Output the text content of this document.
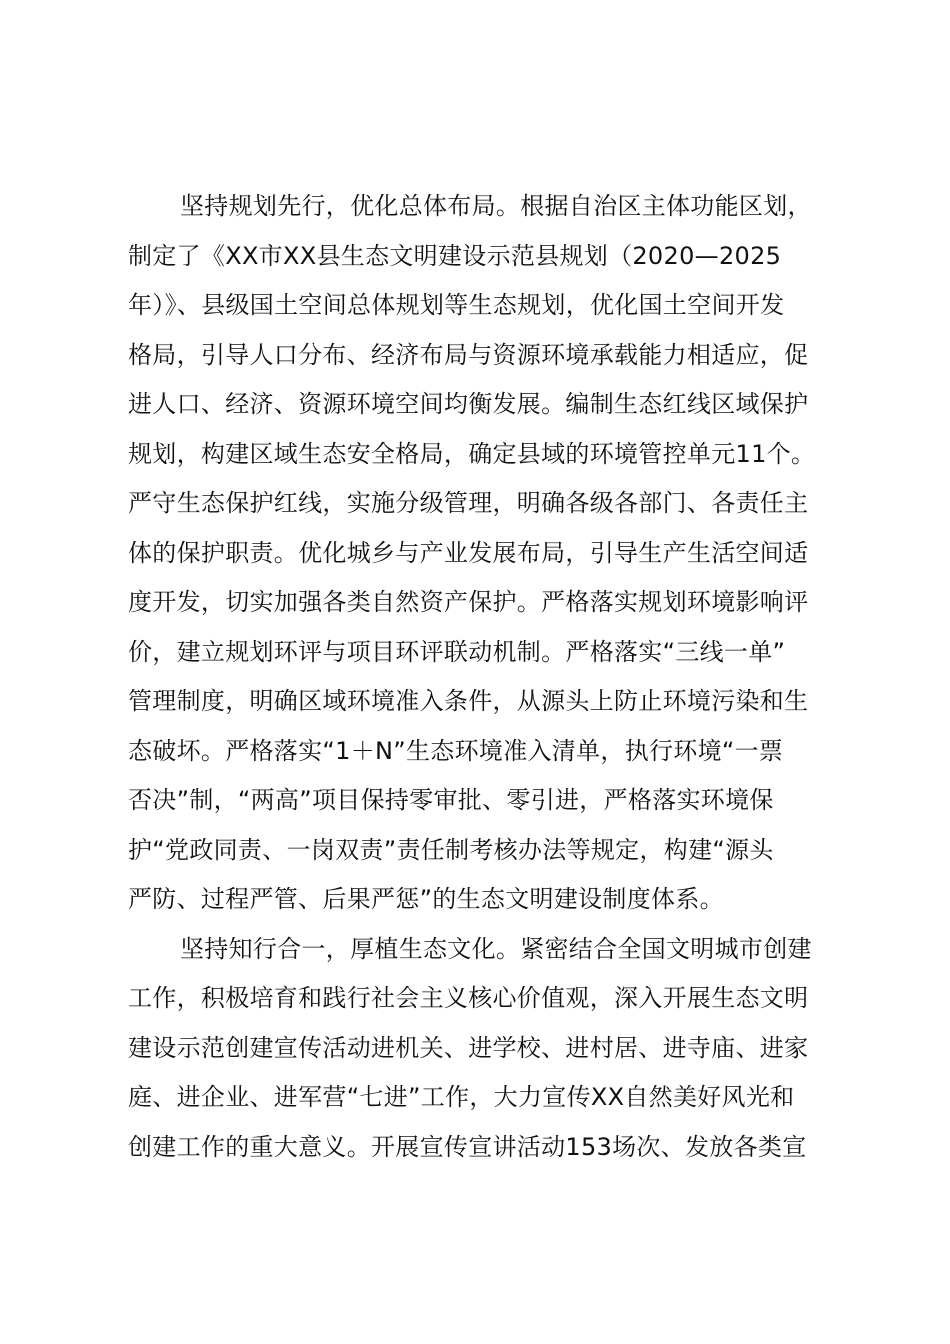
坚持规划先行，优化总体布局。根据自治区主体功能区划，
制定了《XX市XX县生态文明建设示范县规划（2020—2025
年）》、县级国土空间总体规划等生态规划，优化国土空间开发
格局，引导人口分布、经济布局与资源环境承载能力相适应，促
进人口、经济、资源环境空间均衡发展。编制生态红线区域保护
规划，构建区域生态安全格局，确定县域的环境管控单元11个。
严守生态保护红线，实施分级管理，明确各级各部门、各责任主
体的保护职责。优化城乡与产业发展布局，引导生产生活空间适
度开发，切实加强各类自然资产保护。严格落实规划环境影响评
价，建立规划环评与项目环评联动机制。严格落实“三线一单”
管理制度，明确区域环境准入条件，从源头上防止环境污染和生
态破坏。严格落实“1＋N”生态环境准入清单，执行环境“一票
否决”制，“两高”项目保持零审批、零引进，严格落实环境保
护“党政同责、一岗双责”责任制考核办法等规定，构建“源头
严防、过程严管、后果严惩”的生态文明建设制度体系。
坚持知行合一，厚植生态文化。紧密结合全国文明城市创建
工作，积极培育和践行社会主义核心价值观，深入开展生态文明
建设示范创建宣传活动进机关、进学校、进村居、进寺庙、进家
庭、进企业、进军营“七进”工作，大力宣传XX自然美好风光和
创建工作的重大意义。开展宣传宣讲活动153场次、发放各类宣
